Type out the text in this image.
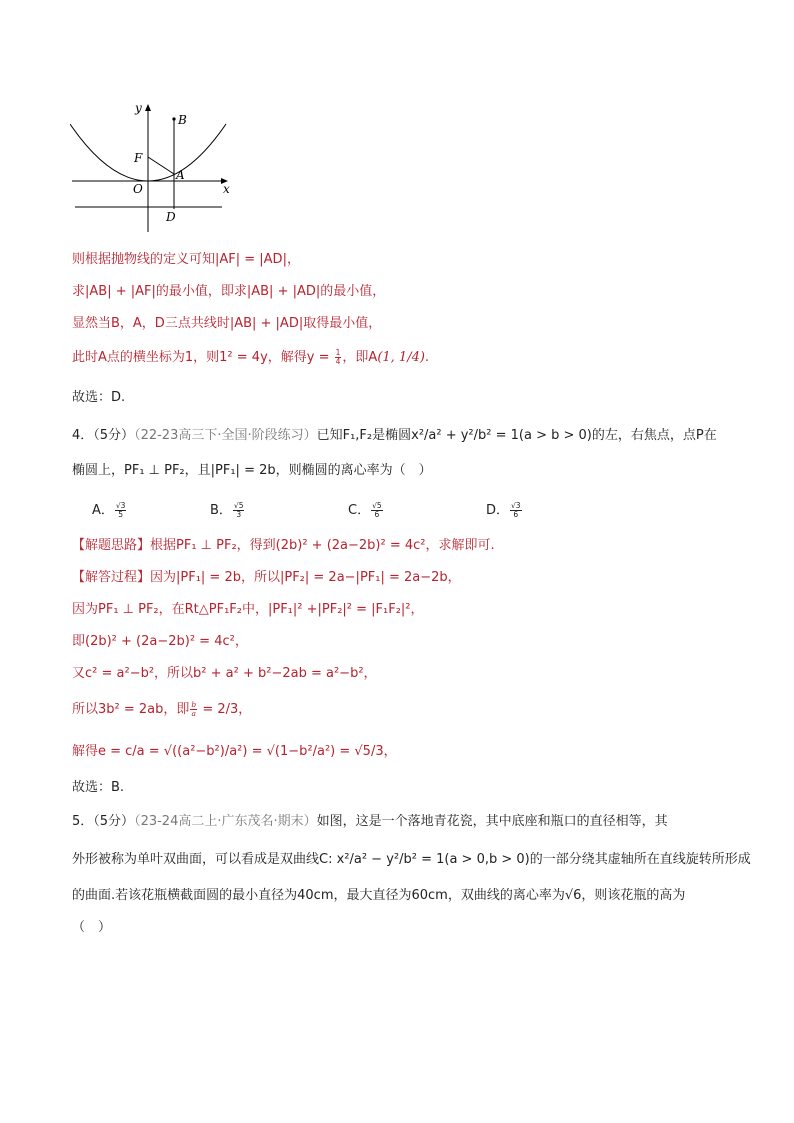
y
x
B
F
A
O
D
则根据抛物线的定义可知|AF| = |AD|，
求|AB| + |AF|的最小值，即求|AB| + |AD|的最小值，
显然当B，A，D三点共线时|AB| + |AD|取得最小值，
此时A点的横坐标为1，则1² = 4y，解得$y = \frac{1}{4}$ ，即A(1, 1/4).
故选：D.
4．（5分）（22-23高三下·全国·阶段练习）已知F₁,F₂是椭圆x²/a² + y²/b² = 1(a > b > 0)的左，右焦点，点P在
椭圆上，PF₁ ⊥ PF₂，且|PF₁| = 2b，则椭圆的离心率为（　）
A． $\frac{√3}{5}$	B． $\frac{√5}{3}$	C． $\frac{√5}{6}$	D． $\frac{√3}{6}$
【解题思路】根据PF₁ ⊥ PF₂，得到(2b)² + (2a−2b)² = 4c²，求解即可.
【解答过程】因为|PF₁| = 2b，所以|PF₂| = 2a−|PF₁| = 2a−2b，
因为PF₁ ⊥ PF₂，在Rt△PF₁F₂中，|PF₁|² +|PF₂|² = |F₁F₂|²，
即(2b)² + (2a−2b)² = 4c²，
又c² = a²−b²，所以b² + a² + b²−2ab = a²−b²，
所以3b² = 2ab，即 $\frac{b}{a} = 2/3$，
解得e = c/a = √((a²−b²)/a²) = √(1−b²/a²) = √5/3，
故选：B.
5．（5分）（23-24高二上·广东茂名·期末）如图，这是一个落地青花瓷，其中底座和瓶口的直径相等，其
外形被称为单叶双曲面，可以看成是双曲线C: x²/a² − y²/b² = 1(a > 0,b > 0)的一部分绕其虚轴所在直线旋转所形成
的曲面.若该花瓶横截面圆的最小直径为40cm，最大直径为60cm，双曲线的离心率为√6，则该花瓶的高为
（　）
